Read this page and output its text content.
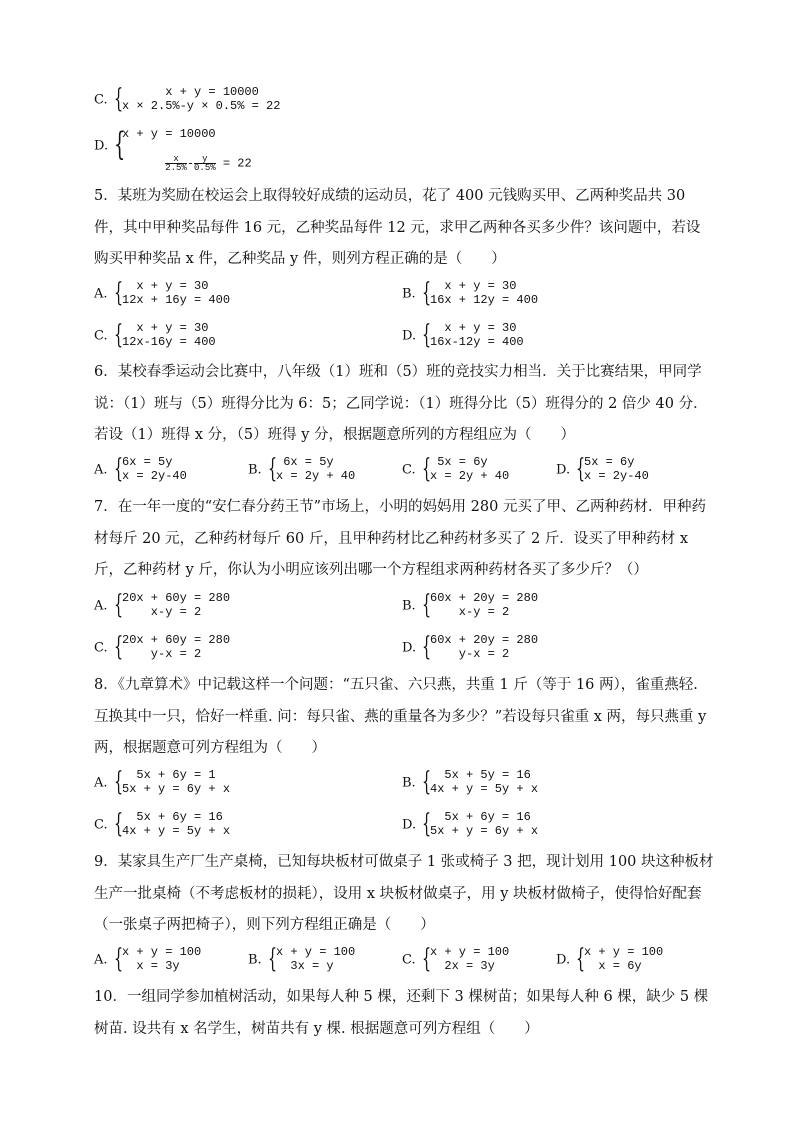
C. {
x + y = 10000
x × 2.5%-y × 0.5% = 22
D. {
x + y = 10000

$\frac{x}{2.5\%} - \frac{y}{0.5\%} = 22$

5．某班为奖励在校运会上取得较好成绩的运动员，花了 400 元钱购买甲、乙两种奖品共 30 件，其中甲种奖品每件 16 元，乙种奖品每件 12 元，求甲乙两种各买多少件？该问题中，若设购买甲种奖品 x 件，乙种奖品 y 件，则列方程正确的是（　　）
A. {
x + y = 30
12x + 16y = 400	B. {
x + y = 30
16x + 12y = 400
C. {
x + y = 30
12x-16y = 400	D. {
x + y = 30
16x-12y = 400
6．某校春季运动会比赛中，八年级（1）班和（5）班的竞技实力相当．关于比赛结果，甲同学说：（1）班与（5）班得分比为 6：5；乙同学说：（1）班得分比（5）班得分的 2 倍少 40 分．若设（1）班得 x 分，（5）班得 y 分，根据题意所列的方程组应为（　　）
A. {
6x = 5y
x = 2y-40	B. {
6x = 5y
x = 2y + 40	C. {
5x = 6y
x = 2y + 40	D. {
5x = 6y
x = 2y-40
7．在一年一度的“安仁春分药王节”市场上，小明的妈妈用 280 元买了甲、乙两种药材．甲种药材每斤 20 元，乙种药材每斤 60 斤，且甲种药材比乙种药材多买了 2 斤．设买了甲种药材 x 斤，乙种药材 y 斤，你认为小明应该列出哪一个方程组求两种药材各买了多少斤？（）
A. {
20x + 60y = 280
x-y = 2	B. {
60x + 20y = 280
x-y = 2
C. {
20x + 60y = 280
y-x = 2	D. {
60x + 20y = 280
y-x = 2
8．《九章算术》中记载这样一个问题：“五只雀、六只燕，共重 1 斤（等于 16 两），雀重燕轻. 互换其中一只，恰好一样重. 问：每只雀、燕的重量各为多少？”若设每只雀重 x 两，每只燕重 y 两，根据题意可列方程组为（　　）
A. {
5x + 6y = 1
5x + y = 6y + x	B. {
5x + 5y = 16
4x + y = 5y + x
C. {
5x + 6y = 16
4x + y = 5y + x	D. {
5x + 6y = 16
5x + y = 6y + x
9．某家具生产厂生产桌椅，已知每块板材可做桌子 1 张或椅子 3 把，现计划用 100 块这种板材生产一批桌椅（不考虑板材的损耗），设用 x 块板材做桌子，用 y 块板材做椅子，使得恰好配套（一张桌子两把椅子），则下列方程组正确是（　　）
A. {
x + y = 100
x = 3y	B. {
x + y = 100
3x = y	C. {
x + y = 100
2x = 3y	D. {
x + y = 100
x = 6y
10．一组同学参加植树活动，如果每人种 5 棵，还剩下 3 棵树苗；如果每人种 6 棵，缺少 5 棵树苗. 设共有 x 名学生，树苗共有 y 棵. 根据题意可列方程组（　　）
